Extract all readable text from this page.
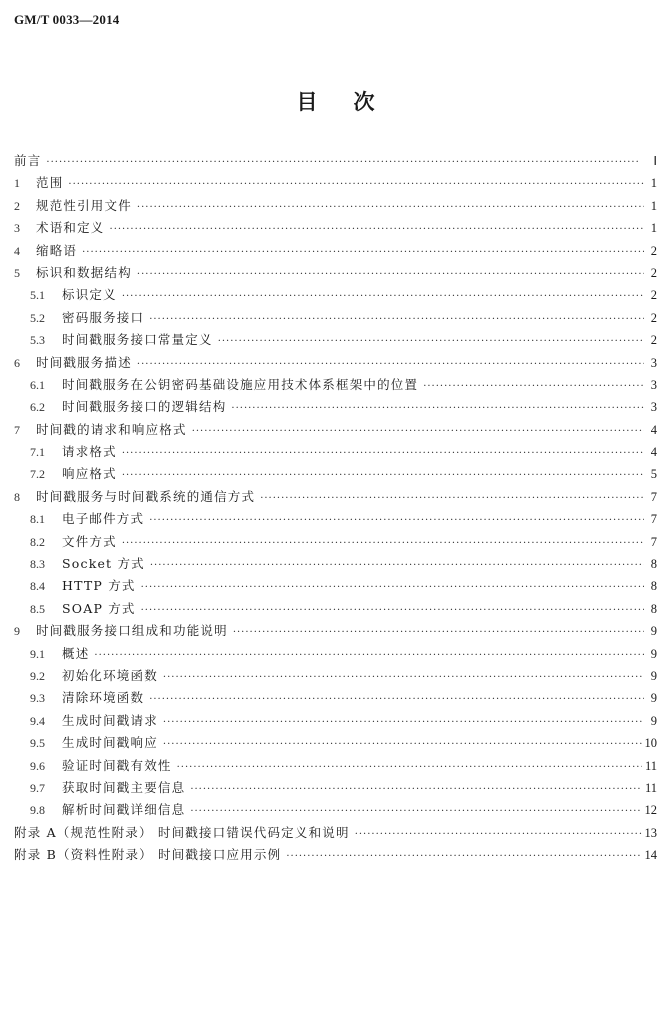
GM/T 0033—2014
目次
前言 ·····	Ⅰ
1	范围 ·····	1
2	规范性引用文件 ·····	1
3	术语和定义 ·····	1
4	缩略语 ·····	2
5	标识和数据结构 ·····	2
5.1	标识定义 ·····	2
5.2	密码服务接口 ·····	2
5.3	时间戳服务接口常量定义 ·····	2
6	时间戳服务描述 ·····	3
6.1	时间戳服务在公钥密码基础设施应用技术体系框架中的位置 ·····	3
6.2	时间戳服务接口的逻辑结构 ·····	3
7	时间戳的请求和响应格式 ·····	4
7.1	请求格式 ·····	4
7.2	响应格式 ·····	5
8	时间戳服务与时间戳系统的通信方式 ·····	7
8.1	电子邮件方式 ·····	7
8.2	文件方式 ·····	7
8.3	Socket 方式 ·····	8
8.4	HTTP 方式 ·····	8
8.5	SOAP 方式 ·····	8
9	时间戳服务接口组成和功能说明 ·····	9
9.1	概述 ·····	9
9.2	初始化环境函数 ·····	9
9.3	清除环境函数 ·····	9
9.4	生成时间戳请求 ·····	9
9.5	生成时间戳响应 ·····	10
9.6	验证时间戳有效性 ·····	11
9.7	获取时间戳主要信息 ·····	11
9.8	解析时间戳详细信息 ·····	12
附录 A（规范性附录） 时间戳接口错误代码定义和说明 ·····	13
附录 B（资料性附录） 时间戳接口应用示例 ·····	14
